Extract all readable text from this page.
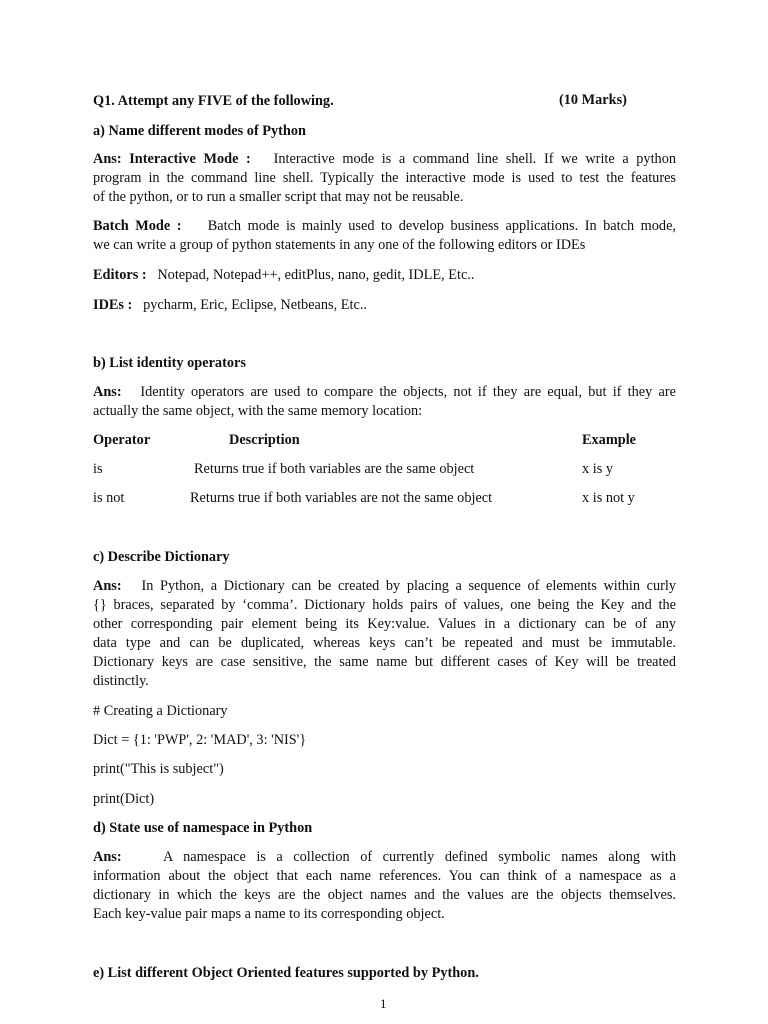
Q1. Attempt any FIVE of the following.	(10 Marks)
a) Name different modes of Python
Ans: Interactive Mode : Interactive mode is a command line shell. If we write a python
program in the command line shell. Typically the interactive mode is used to test the features
of the python, or to run a smaller script that may not be reusable.
Batch Mode : Batch mode is mainly used to develop business applications. In batch mode,
we can write a group of python statements in any one of the following editors or IDEs
Editors : Notepad, Notepad++, editPlus, nano, gedit, IDLE, Etc..
IDEs : pycharm, Eric, Eclipse, Netbeans, Etc..
b) List identity operators
Ans: Identity operators are used to compare the objects, not if they are equal, but if they are
actually the same object, with the same memory location:
Operator	Description	Example
is	Returns true if both variables are the same object	x is y
is not	Returns true if both variables are not the same object	x is not y
c) Describe Dictionary
Ans: In Python, a Dictionary can be created by placing a sequence of elements within curly
{} braces, separated by ‘comma’. Dictionary holds pairs of values, one being the Key and the
other corresponding pair element being its Key:value. Values in a dictionary can be of any
data type and can be duplicated, whereas keys can’t be repeated and must be immutable.
Dictionary keys are case sensitive, the same name but different cases of Key will be treated
distinctly.
# Creating a Dictionary
Dict = {1: 'PWP', 2: 'MAD', 3: 'NIS'}
print("This is subject")
print(Dict)
d) State use of namespace in Python
Ans:	A namespace is a collection of currently defined symbolic names along with
information about the object that each name references. You can think of a namespace as a
dictionary in which the keys are the object names and the values are the objects themselves.
Each key-value pair maps a name to its corresponding object.
e) List different Object Oriented features supported by Python.
1
